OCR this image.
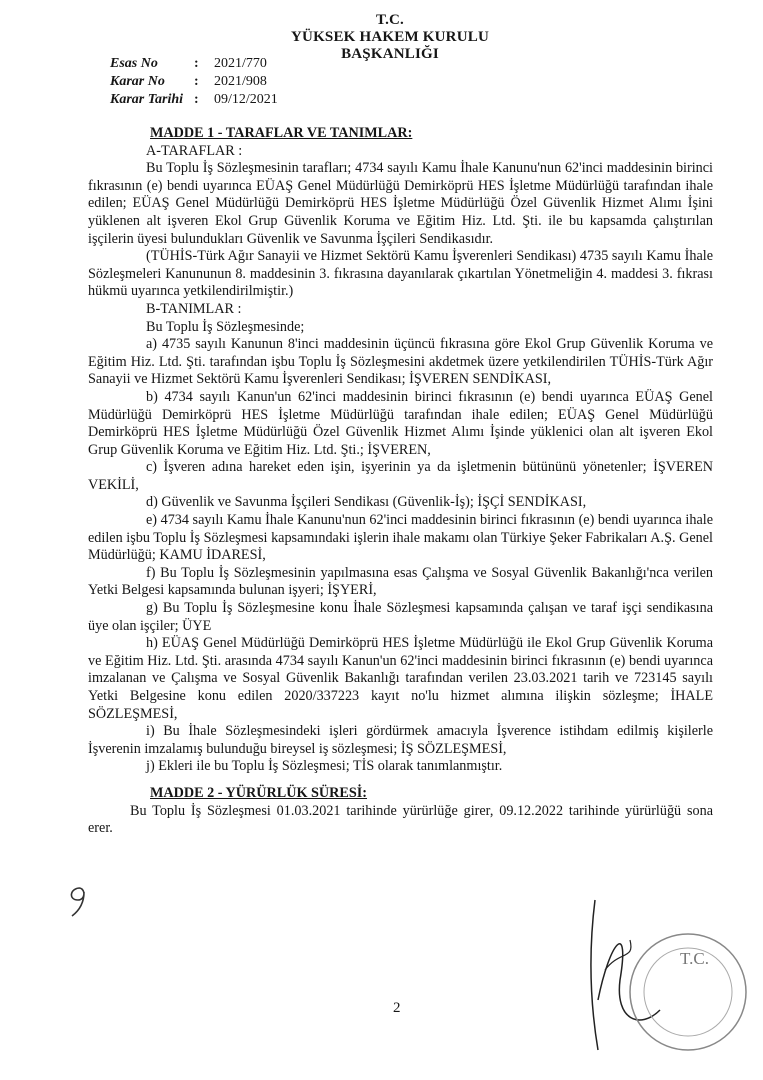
T.C.
YÜKSEK HAKEM KURULU
BAŞKANLIĞI
Esas No	:	2021/770
Karar No	:	2021/908
Karar Tarihi :	09/12/2021
MADDE 1 - TARAFLAR VE TANIMLAR:
A-TARAFLAR :

Bu Toplu İş Sözleşmesinin tarafları; 4734 sayılı Kamu İhale Kanunu'nun 62'inci maddesinin birinci fıkrasının (e) bendi uyarınca EÜAŞ Genel Müdürlüğü Demirköprü HES İşletme Müdürlüğü tarafından ihale edilen; EÜAŞ Genel Müdürlüğü Demirköprü HES İşletme Müdürlüğü Özel Güvenlik Hizmet Alımı İşini yüklenen alt işveren Ekol Grup Güvenlik Koruma ve Eğitim Hiz. Ltd. Şti. ile bu kapsamda çalıştırılan işçilerin üyesi bulundukları Güvenlik ve Savunma İşçileri Sendikasıdır.

(TÜHİS-Türk Ağır Sanayii ve Hizmet Sektörü Kamu İşverenleri Sendikası) 4735 sayılı Kamu İhale Sözleşmeleri Kanununun 8. maddesinin 3. fıkrasına dayanılarak çıkartılan Yönetmeliğin 4. maddesi 3. fıkrası hükmü uyarınca yetkilendirilmiştir.)

B-TANIMLAR :

Bu Toplu İş Sözleşmesinde;

a) 4735 sayılı Kanunun 8'inci maddesinin üçüncü fıkrasına göre Ekol Grup Güvenlik Koruma ve Eğitim Hiz. Ltd. Şti. tarafından işbu Toplu İş Sözleşmesini akdetmek üzere yetkilendirilen TÜHİS-Türk Ağır Sanayii ve Hizmet Sektörü Kamu İşverenleri Sendikası; İŞVEREN SENDİKASI,

b) 4734 sayılı Kanun'un 62'inci maddesinin birinci fıkrasının (e) bendi uyarınca EÜAŞ Genel Müdürlüğü Demirköprü HES İşletme Müdürlüğü tarafından ihale edilen; EÜAŞ Genel Müdürlüğü Demirköprü HES İşletme Müdürlüğü Özel Güvenlik Hizmet Alımı İşinde yüklenici olan alt işveren Ekol Grup Güvenlik Koruma ve Eğitim Hiz. Ltd. Şti.; İŞVEREN,

c) İşveren adına hareket eden işin, işyerinin ya da işletmenin bütününü yönetenler; İŞVEREN VEKİLİ,

d) Güvenlik ve Savunma İşçileri Sendikası (Güvenlik-İş); İŞÇİ SENDİKASI,

e) 4734 sayılı Kamu İhale Kanunu'nun 62'inci maddesinin birinci fıkrasının (e) bendi uyarınca ihale edilen işbu Toplu İş Sözleşmesi kapsamındaki işlerin ihale makamı olan Türkiye Şeker Fabrikaları A.Ş. Genel Müdürlüğü; KAMU İDARESİ,

f) Bu Toplu İş Sözleşmesinin yapılmasına esas Çalışma ve Sosyal Güvenlik Bakanlığı'nca verilen Yetki Belgesi kapsamında bulunan işyeri; İŞYERİ,

g) Bu Toplu İş Sözleşmesine konu İhale Sözleşmesi kapsamında çalışan ve taraf işçi sendikasına üye olan işçiler; ÜYE

h) EÜAŞ Genel Müdürlüğü Demirköprü HES İşletme Müdürlüğü ile Ekol Grup Güvenlik Koruma ve Eğitim Hiz. Ltd. Şti. arasında 4734 sayılı Kanun'un 62'inci maddesinin birinci fıkrasının (e) bendi uyarınca imzalanan ve Çalışma ve Sosyal Güvenlik Bakanlığı tarafından verilen 23.03.2021 tarih ve 723145 sayılı Yetki Belgesine konu edilen 2020/337223 kayıt no'lu hizmet alımına ilişkin sözleşme; İHALE SÖZLEŞMESİ,

i) Bu İhale Sözleşmesindeki işleri gördürmek amacıyla İşverence istihdam edilmiş kişilerle İşverenin imzalamış bulunduğu bireysel iş sözleşmesi; İŞ SÖZLEŞMESİ,

j) Ekleri ile bu Toplu İş Sözleşmesi; TİS olarak tanımlanmıştır.

MADDE 2 - YÜRÜRLÜK SÜRESİ:

Bu Toplu İş Sözleşmesi 01.03.2021 tarihinde yürürlüğe girer, 09.12.2022 tarihinde yürürlüğü sona erer.

T.C.
2
